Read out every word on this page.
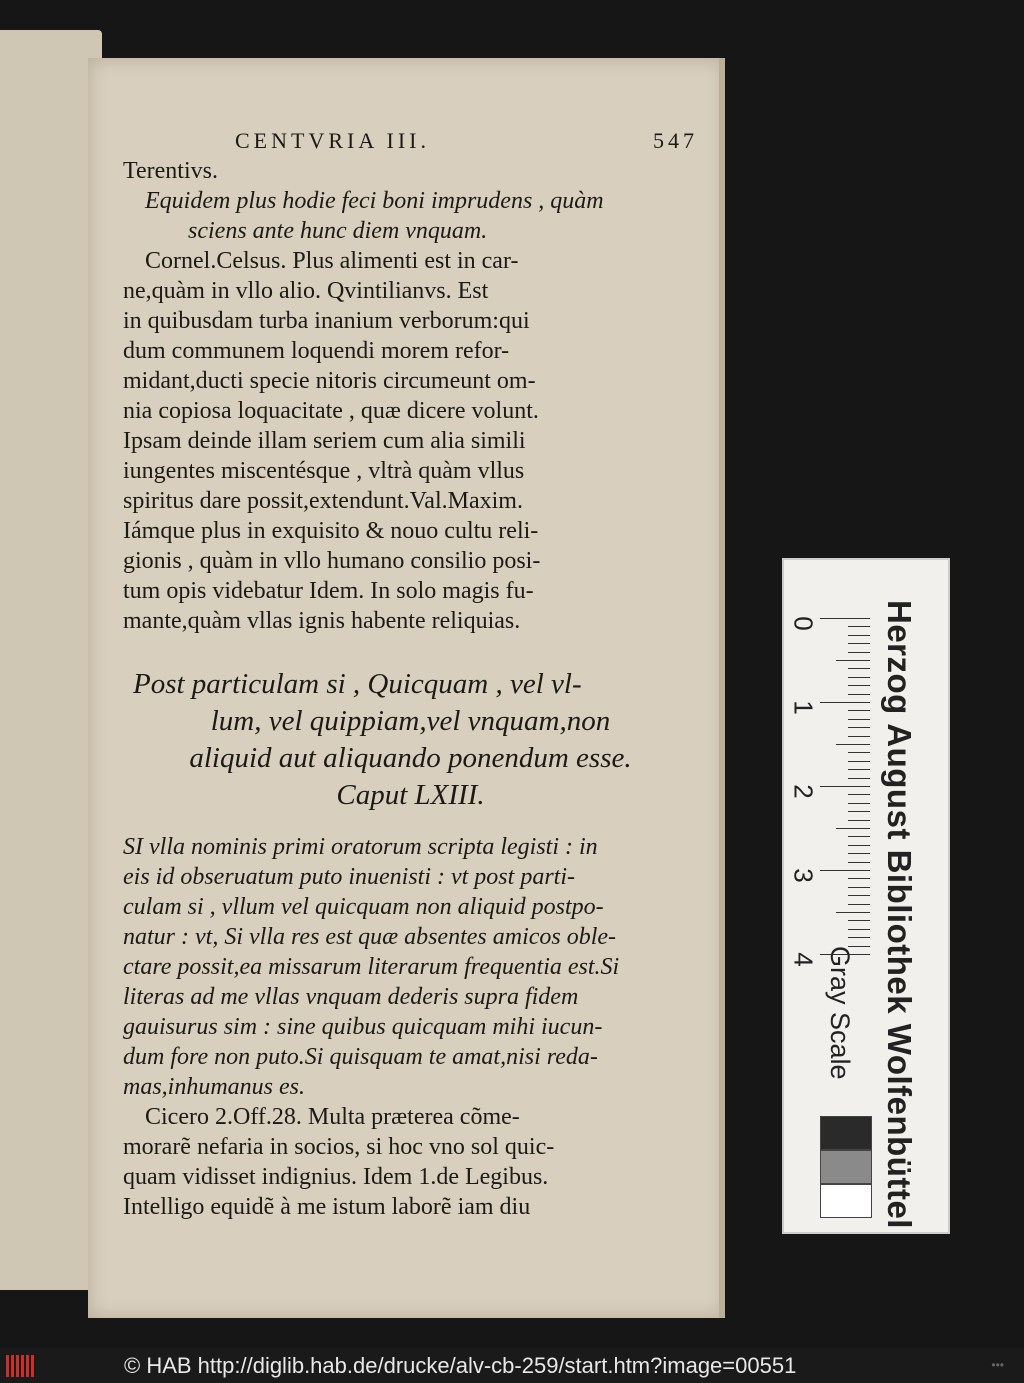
CENTVRIA III.	547
Terentivs.
Equidem plus hodie feci boni imprudens , quàm
sciens ante hunc diem vnquam.
Cornel.Celsus. Plus alimenti est in car-
ne,quàm in vllo alio. Qvintilianvs. Est
in quibusdam turba inanium verborum:qui
dum communem loquendi morem refor-
midant,ducti specie nitoris circumeunt om-
nia copiosa loquacitate , quæ dicere volunt.
Ipsam deinde illam seriem cum alia simili
iungentes miscentésque , vltrà quàm vllus
spiritus dare possit,extendunt.Val.Maxim.
Iámque plus in exquisito & nouo cultu reli-
gionis , quàm in vllo humano consilio posi-
tum opis videbatur Idem. In solo magis fu-
mante,quàm vllas ignis habente reliquias.
Post particulam si , Quicquam , vel vl-
lum, vel quippiam,vel vnquam,non
aliquid aut aliquando ponendum esse.
Caput LXIII.
SI vlla nominis primi oratorum scripta legisti : in
eis id obseruatum puto inuenisti : vt post parti-
culam si , vllum vel quicquam non aliquid postpo-
natur : vt, Si vlla res est quæ absentes amicos oble-
ctare possit,ea missarum literarum frequentia est.Si
literas ad me vllas vnquam dederis supra fidem
gauisurus sim : sine quibus quicquam mihi iucun-
dum fore non puto.Si quisquam te amat,nisi reda-
mas,inhumanus es.
Cicero 2.Off.28. Multa præterea cõme-
morarẽ nefaria in socios, si hoc vno sol quic-
quam vidisset indignius. Idem 1.de Legibus.
Intelligo equidẽ à me istum laborẽ iam diu	Herzog August Bibliothek Wolfenbüttel
0
1
2
3
4 Gray Scale
© HAB http://diglib.hab.de/drucke/alv-cb-259/start.htm?image=00551	•••
